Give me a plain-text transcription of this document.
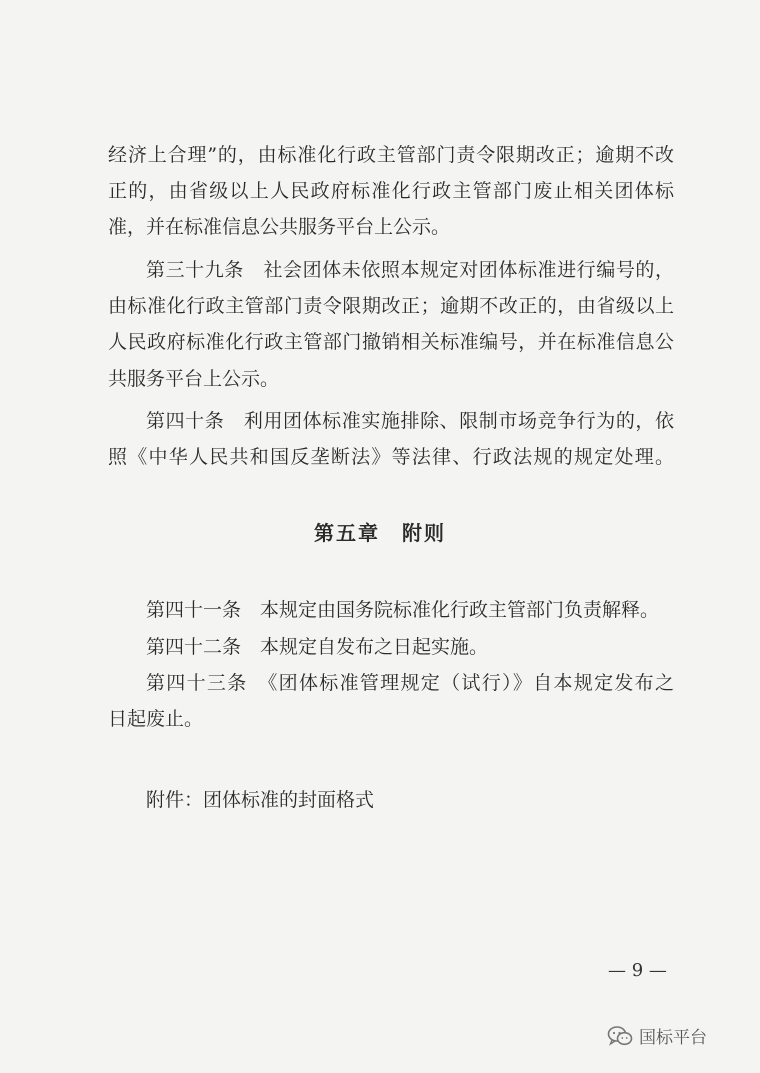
经济上合理”的，由标准化行政主管部门责令限期改正；逾期不改
正的，由省级以上人民政府标准化行政主管部门废止相关团体标
准，并在标准信息公共服务平台上公示。
第三十九条　社会团体未依照本规定对团体标准进行编号的，
由标准化行政主管部门责令限期改正；逾期不改正的，由省级以上
人民政府标准化行政主管部门撤销相关标准编号，并在标准信息公
共服务平台上公示。
第四十条　利用团体标准实施排除、限制市场竞争行为的，依
照《中华人民共和国反垄断法》等法律、行政法规的规定处理。
第五章 附则
第四十一条　本规定由国务院标准化行政主管部门负责解释。
第四十二条　本规定自发布之日起实施。
第四十三条　《团体标准管理规定（试行）》自本规定发布之
日起废止。
附件：团体标准的封面格式
— 9 —
国标平台
